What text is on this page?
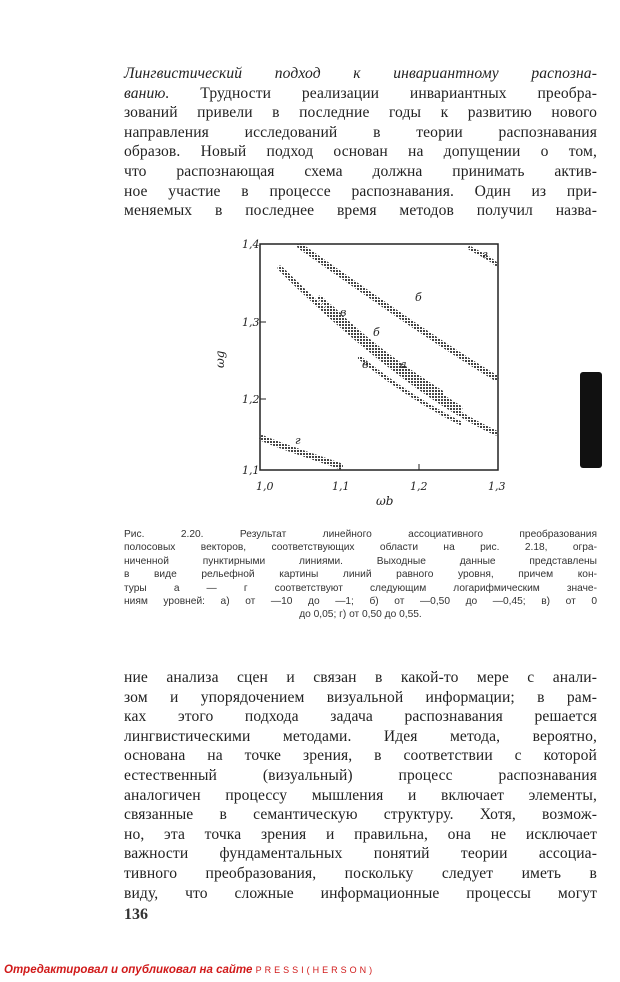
Лингвистический подход к инвариантному распозна-
ванию. Трудности реализации инвариантных преобра-
зований привели в последние годы к развитию нового
направления исследований в теории распознавания
образов. Новый подход основан на допущении о том,
что распознающая схема должна принимать актив-
ное участие в процессе распознавания. Один из при-
меняемых в последнее время методов получил назва-
г
б
в
б
в	а
г
1,4
1,3
1,2
1,1
ωg
1,0	1,1	1,2	1,3
ωb
Рис. 2.20. Результат линейного ассоциативного преобразования
полосовых векторов, соответствующих области на рис. 2.18, огра-
ниченной пунктирными линиями. Выходные данные представлены
в виде рельефной картины линий равного уровня, причем кон-
туры а — г соответствуют следующим логарифмическим значе-
ниям уровней: а) от —10 до —1; б) от —0,50 до —0,45; в) от 0
до 0,05; г) от 0,50 до 0,55.
ние анализа сцен и связан в какой-то мере с анали-
зом и упорядочением визуальной информации; в рам-
ках этого подхода задача распознавания решается
лингвистическими методами. Идея метода, вероятно,
основана на точке зрения, в соответствии с которой
естественный (визуальный) процесс распознавания
аналогичен процессу мышления и включает элементы,
связанные в семантическую структуру. Хотя, возмож-
но, эта точка зрения и правильна, она не исключает
важности фундаментальных понятий теории ассоциа-
тивного преобразования, поскольку следует иметь в
виду, что сложные информационные процессы могут
136
Отредактировал и опубликовал на сайте PRESSI(HERSON)
